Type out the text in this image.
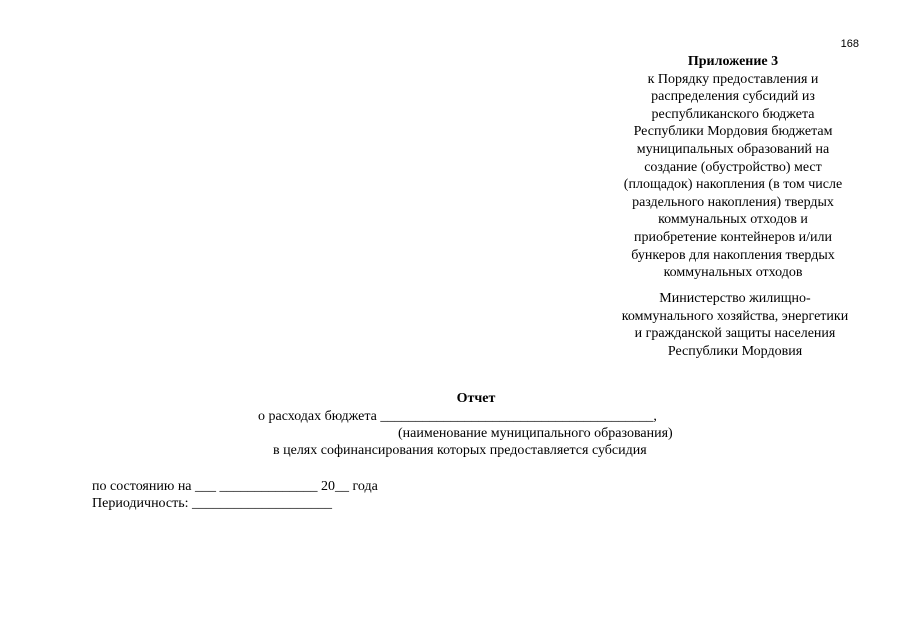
168
Приложение 3
к Порядку предоставления и
распределения субсидий из
республиканского бюджета
Республики Мордовия бюджетам
муниципальных образований на
создание (обустройство) мест
(площадок) накопления (в том числе
раздельного накопления) твердых
коммунальных отходов и
приобретение контейнеров и/или
бункеров для накопления твердых
коммунальных отходов
Министерство жилищно-
коммунального хозяйства, энергетики
и гражданской защиты населения
Республики Мордовия
Отчет
о расходах бюджета _______________________________________,
(наименование муниципального образования)
в целях софинансирования которых предоставляется субсидия
по состоянию на ___ ______________ 20__ года
Периодичность: ____________________
